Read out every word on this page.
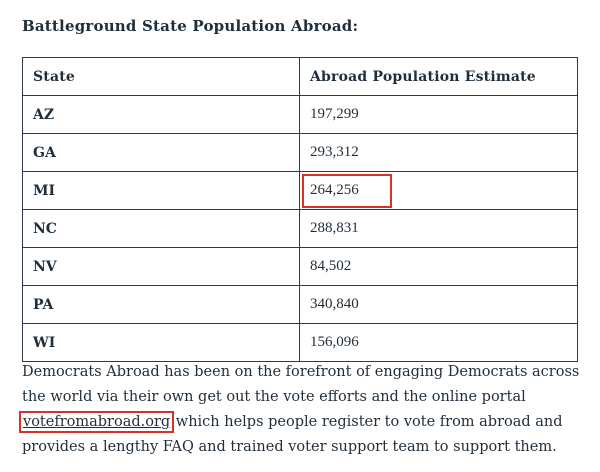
Battleground State Population Abroad:
State	Abroad Population Estimate
AZ	197,299
GA	293,312
MI	264,256

NC	288,831
NV	84,502
PA	340,840
WI	156,096

Democrats Abroad has been on the forefront of engaging Democrats across the world via their own get out the vote efforts and the online portal votefromabroad.org which helps people register to vote from abroad and provides a lengthy FAQ and trained voter support team to support them.
